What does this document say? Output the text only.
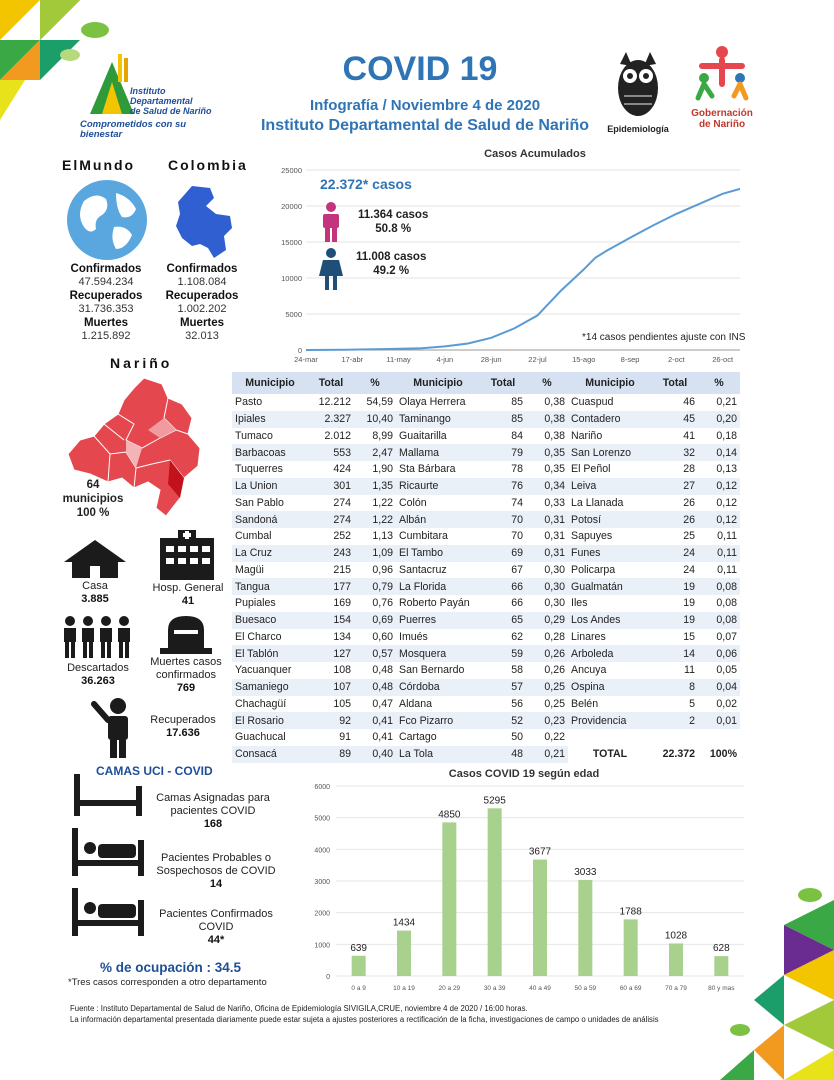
Instituto
Departamental
de Salud de Nariño
Comprometidos con su bienestar
COVID 19
Infografía / Noviembre 4 de 2020
Instituto Departamental de Salud de Nariño	Epidemiología
Gobernación
de Nariño
ElMundo
Confirmados
47.594.234
Recuperados
31.736.353
Muertes
1.215.892
Colombia
Confirmados
1.108.084
Recuperados
1.002.202
Muertes
32.013
Casos Acumulados
0
5000
10000
15000
20000
25000
24-mar	17-abr	11-may	4-jun	28-jun	22-jul	15-ago	8-sep	2-oct	26-oct
22.372* casos
11.364 casos
50.8 %
11.008 casos
49.2 %
*14 casos pendientes ajuste con INS
Nariño
64
municipios
100 %
Casa
3.885
Hosp. General
41
Descartados
36.263
Muertes casos
confirmados
769
Recuperados
17.636
Municipio	Total	%	Municipio	Total	%	Municipio	Total	%
Pasto	12.212	54,59	Olaya Herrera	85	0,38	Cuaspud	46	0,21
Ipiales	2.327	10,40	Taminango	85	0,38	Contadero	45	0,20
Tumaco	2.012	8,99	Guaitarilla	84	0,38	Nariño	41	0,18
Barbacoas	553	2,47	Mallama	79	0,35	San Lorenzo	32	0,14
Tuquerres	424	1,90	Sta Bárbara	78	0,35	El Peñol	28	0,13
La Union	301	1,35	Ricaurte	76	0,34	Leiva	27	0,12
San Pablo	274	1,22	Colón	74	0,33	La Llanada	26	0,12
Sandoná	274	1,22	Albán	70	0,31	Potosí	26	0,12
Cumbal	252	1,13	Cumbitara	70	0,31	Sapuyes	25	0,11
La Cruz	243	1,09	El Tambo	69	0,31	Funes	24	0,11
Magüi	215	0,96	Santacruz	67	0,30	Policarpa	24	0,11
Tangua	177	0,79	La Florida	66	0,30	Gualmatán	19	0,08
Pupiales	169	0,76	Roberto Payán	66	0,30	Iles	19	0,08
Buesaco	154	0,69	Puerres	65	0,29	Los Andes	19	0,08
El Charco	134	0,60	Imués	62	0,28	Linares	15	0,07
El Tablón	127	0,57	Mosquera	59	0,26	Arboleda	14	0,06
Yacuanquer	108	0,48	San Bernardo	58	0,26	Ancuya	11	0,05
Samaniego	107	0,48	Córdoba	57	0,25	Ospina	8	0,04
Chachagüí	105	0,47	Aldana	56	0,25	Belén	5	0,02
El Rosario	92	0,41	Fco Pizarro	52	0,23	Providencia	2	0,01
Guachucal	91	0,41	Cartago	50	0,22			
Consacá	89	0,40	La Tola	48	0,21	TOTAL	22.372	100%
CAMAS UCI - COVID
Camas Asignadas para
pacientes COVID
168
Pacientes Probables o
Sospechosos de COVID
14
Pacientes Confirmados
COVID
44*
% de ocupación : 34.5
*Tres casos corresponden a otro departamento
Casos COVID 19 según edad
0
1000
2000
3000
4000
5000
6000
639
0 a 9
1434
10 a 19
4850
20 a 29
5295
30 a 39
3677
40 a 49
3033
50 a 59
1788
60 a 69
1028
70 a 79
628
80 y mas
Fuente : Instituto Departamental de Salud de Nariño, Oficina de Epidemiología SIVIGILA,CRUE, noviembre 4 de 2020 / 16:00 horas.
La información departamental presentada diariamente puede estar sujeta a ajustes posteriores a rectificación de la ficha, investigaciones de campo o unidades de análisis
